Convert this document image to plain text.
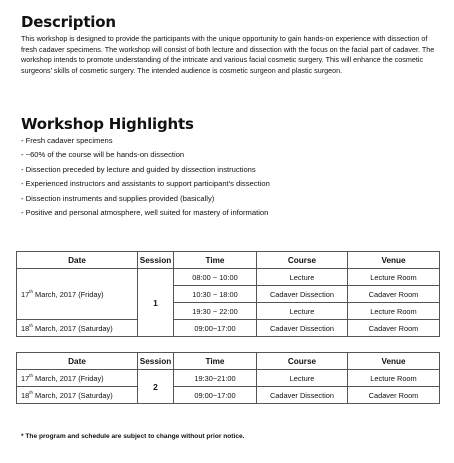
Description

This workshop is designed to provide the participants with the unique opportunity to gain hands-on experience with dissection of fresh cadaver specimens. The workshop will consist of both lecture and dissection with the focus on the facial part of cadaver. The workshop intends to promote understanding of the intricate and various facial cosmetic surgery. This will enhance the cosmetic surgeons' skills of cosmetic surgery. The intended audience is cosmetic surgeon and plastic surgeon.

Workshop Highlights
- Fresh cadaver specimens
- ~60% of the course will be hands-on dissection
- Dissection preceded by lecture and guided by dissection instructions
- Experienced instructors and assistants to support participant's dissection
- Dissection instruments and supplies provided (basically)
- Positive and personal atmosphere, well suited for mastery of information
Date	Session	Time	Course	Venue
17th March, 2017 (Friday)	1	08:00 ~ 10:00	Lecture	Lecture Room
		10:30 ~ 18:00	Cadaver Dissection	Cadaver Room
		19:30 ~ 22:00	Lecture	Lecture Room
18th March, 2017 (Saturday)		09:00~17:00	Cadaver Dissection	Cadaver Room
Date	Session	Time	Course	Venue
17th March, 2017 (Friday)	2	19:30~21:00	Lecture	Lecture Room
18th March, 2017 (Saturday)		09:00~17:00	Cadaver Dissection	Cadaver Room
* The program and schedule are subject to change without prior notice.
